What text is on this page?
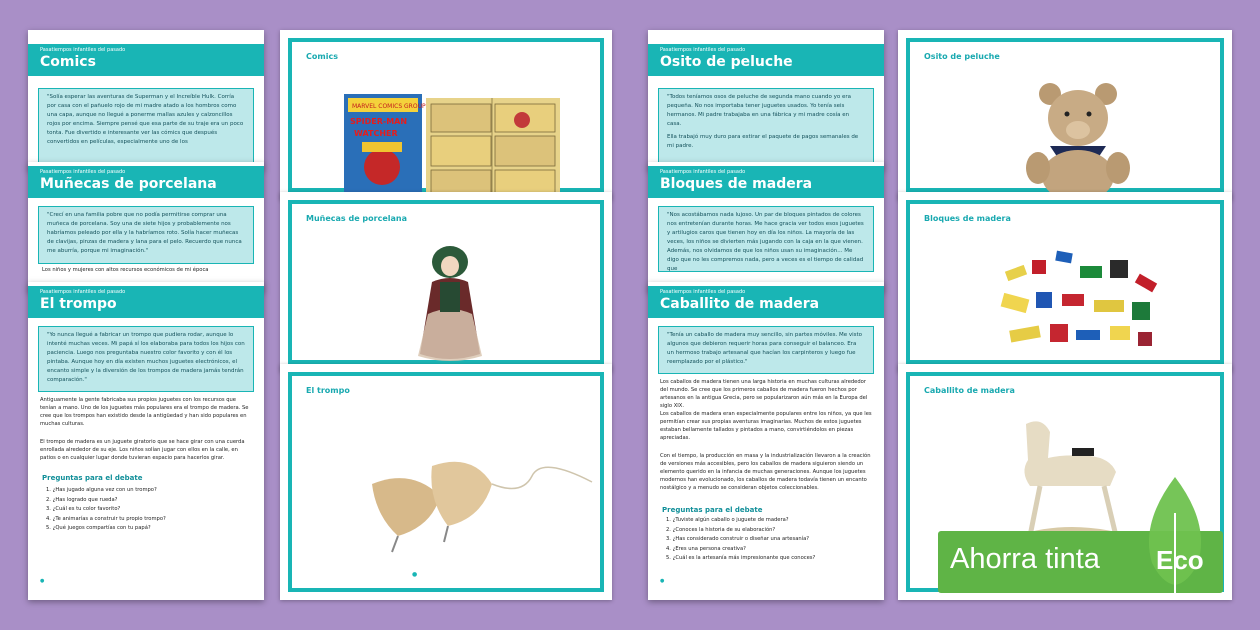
Pasatiempos infantiles del pasado
Comics
"Solía esperar las aventuras de Superman y el Increíble Hulk. Corría por casa con el pañuelo rojo de mi madre atado a los hombros como una capa, aunque no llegué a ponerme mallas azules y calzoncillos rojos por encima. Siempre pensé que esa parte de su traje era un poco tonta. Fue divertido e interesante ver las cómics que después convertidos en películas, especialmente uno de los
Pasatiempos infantiles del pasado
Muñecas de porcelana
"Crecí en una familia pobre que no podía permitirse comprar una muñeca de porcelana. Soy una de siete hijos y probablemente nos habríamos peleado por ella y la habríamos roto. Solía hacer muñecas de clavijas, pinzas de madera y lana para el pelo. Recuerdo que nunca me aburría, porque mi imaginación."
Los niños y mujeres con altos recursos económicos de mi época
Pasatiempos infantiles del pasado
El trompo
"Yo nunca llegué a fabricar un trompo que pudiera rodar, aunque lo intenté muchas veces. Mi papá sí los elaboraba para todos los hijos con paciencia. Luego nos preguntaba nuestro color favorito y con él los pintaba. Aunque hoy en día existen muchos juguetes electrónicos, el encanto simple y la diversión de los trompos de madera jamás tendrán comparación."
Antiguamente la gente fabricaba sus propios juguetes con los recursos que tenían a mano. Uno de los juguetes más populares era el trompo de madera. Se cree que los trompos han existido desde la antigüedad y han sido populares en muchas culturas.
El trompo de madera es un juguete giratorio que se hace girar con una cuerda enrollada alrededor de su eje. Los niños solían jugar con ellos en la calle, en patios o en cualquier lugar donde tuvieran espacio para hacerlos girar.
Preguntas para el debate
1. ¿Has jugado alguna vez con un trompo?
2. ¿Has logrado que rueda?
3. ¿Cuál es tu color favorito?
4. ¿Te animarías a construir tu propio trompo?
5. ¿Qué juegos compartías con tu papá?
●
Comics
MARVEL COMICS GROUP
SPIDER-MAN
WATCHER
Muñecas de porcelana
El trompo
●
Pasatiempos infantiles del pasado
Osito de peluche
"Todos teníamos osos de peluche de segunda mano cuando yo era pequeña. No nos importaba tener juguetes usados. Yo tenía seis hermanos. Mi padre trabajaba en una fábrica y mi madre cosía en casa.
Ella trabajó muy duro para estirar el paquete de pagos semanales de mi padre.
Pasatiempos infantiles del pasado
Bloques de madera
"Nos acostábamos nada lujoso. Un par de bloques pintados de colores nos entretenían durante horas. Me hace gracia ver todos esos juguetes y artilugios caros que tienen hoy en día los niños. La mayoría de las veces, los niños se divierten más jugando con la caja en la que vienen. Además, nos olvidamos de que los niños usan su imaginación... Me digo que no les compremos nada, pero a veces es el tiempo de calidad que
Pasatiempos infantiles del pasado
Caballito de madera
"Tenía un caballo de madera muy sencillo, sin partes móviles. Me visto algunos que debieron requerir horas para conseguir el balanceo. Era un hermoso trabajo artesanal que hacían los carpinteros y luego fue reemplazado por el plástico."
Los caballos de madera tienen una larga historia en muchas culturas alrededor del mundo. Se cree que los primeros caballos de madera fueron hechos por artesanos en la antigua Grecia, pero se popularizaron aún más en la Europa del siglo XIX.
Los caballos de madera eran especialmente populares entre los niños, ya que les permitían crear sus propias aventuras imaginarias. Muchos de estos juguetes estaban bellamente tallados y pintados a mano, convirtiéndolos en piezas apreciadas.
Con el tiempo, la producción en masa y la industrialización llevaron a la creación de versiones más accesibles, pero los caballos de madera siguieron siendo un elemento querido en la infancia de muchas generaciones. Aunque los juguetes modernos han evolucionado, los caballos de madera todavía tienen un encanto nostálgico y a menudo se consideran objetos coleccionables.
Preguntas para el debate
1. ¿Tuviste algún caballo o juguete de madera?
2. ¿Conoces la historia de su elaboración?
3. ¿Has considerado construir o diseñar una artesanía?
4. ¿Eres una persona creativa?
5. ¿Cuál es la artesanía más impresionante que conoces?
●
Osito de peluche
Bloques de madera
Caballito de madera
Ahorra tinta Eco
